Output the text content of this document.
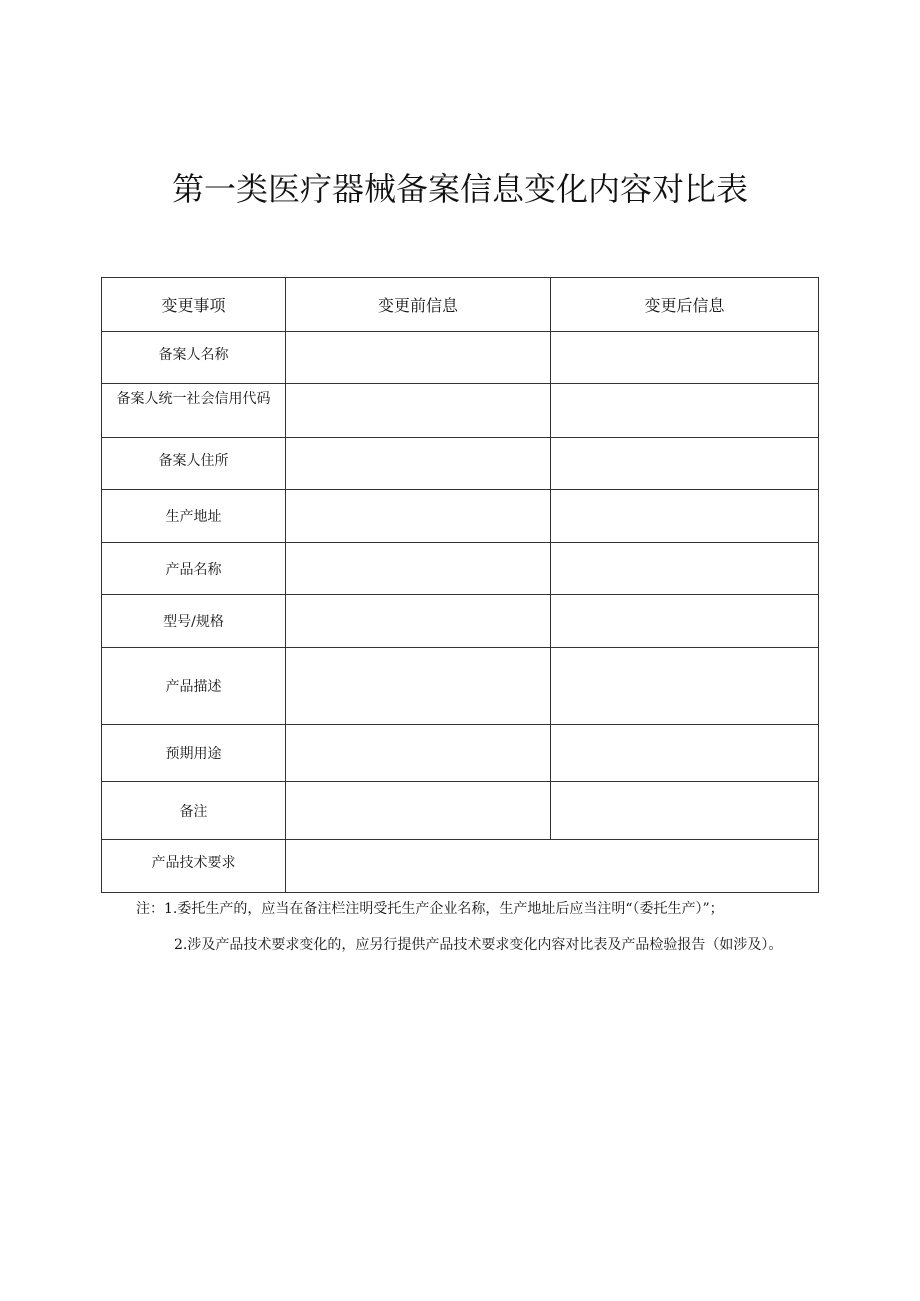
第一类医疗器械备案信息变化内容对比表
变更事项	变更前信息	变更后信息
备案人名称		
备案人统一社会信用代码		
备案人住所		
生产地址		
产品名称		
型号/规格		
产品描述		
预期用途		
备注		
产品技术要求		

注：1.委托生产的，应当在备注栏注明受托生产企业名称，生产地址后应当注明“（委托生产）”；

2.涉及产品技术要求变化的，应另行提供产品技术要求变化内容对比表及产品检验报告（如涉及）。
